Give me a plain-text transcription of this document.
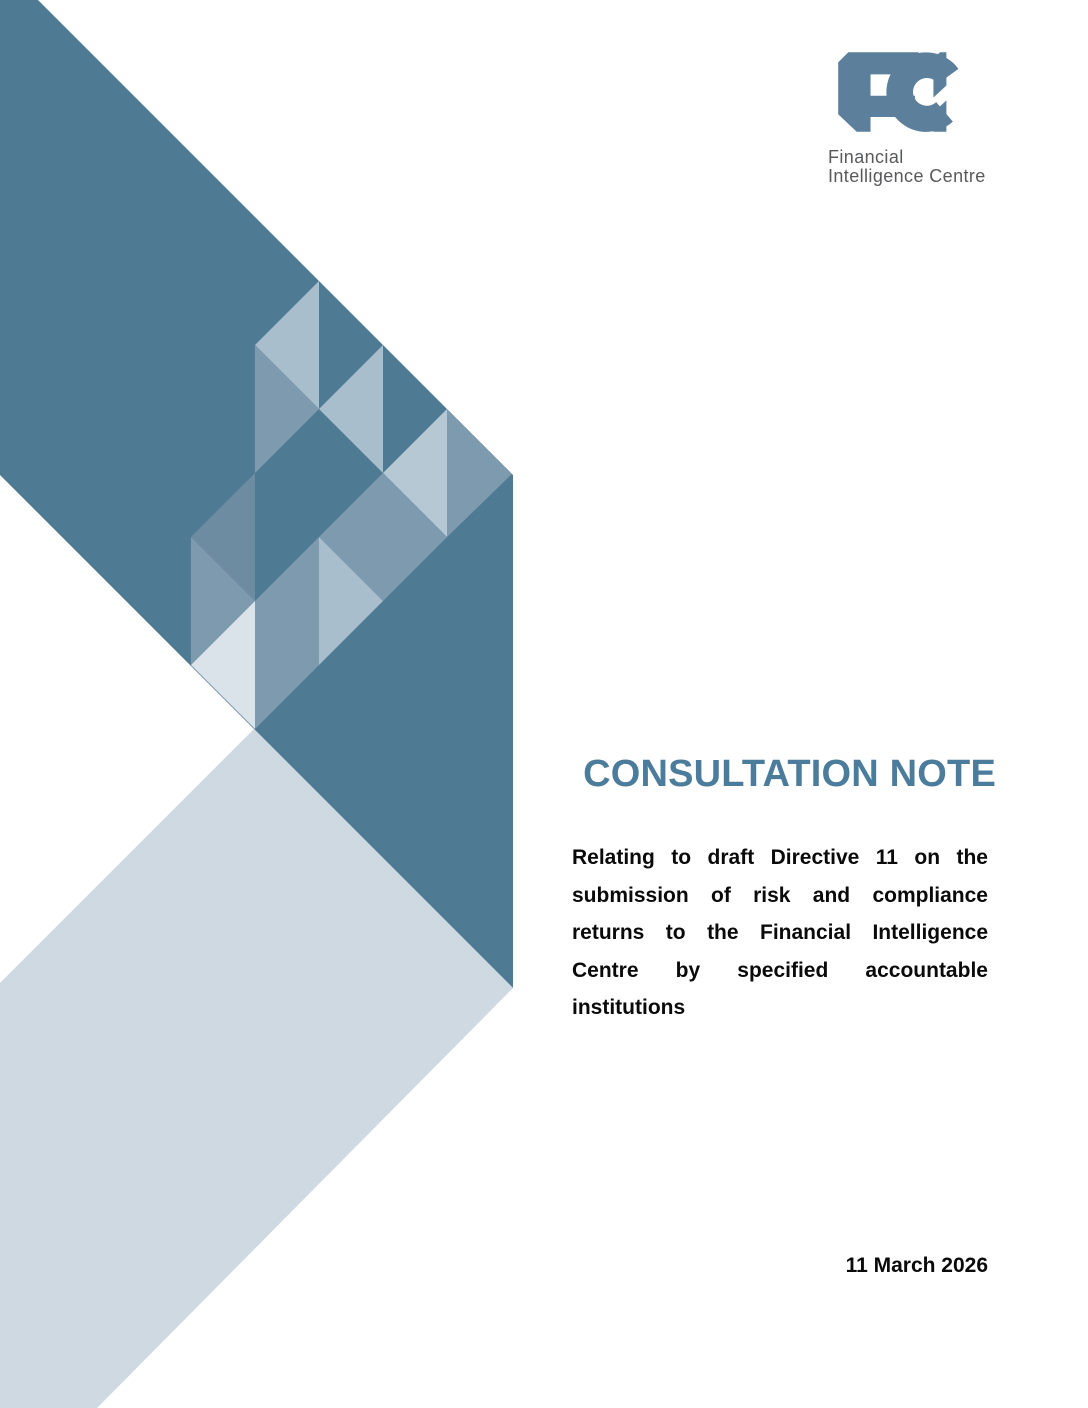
Financial
Intelligence Centre
CONSULTATION NOTE
Relating to draft Directive 11 on the
submission of risk and compliance
returns to the Financial Intelligence
Centre by specified accountable
institutions
11 March 2026
